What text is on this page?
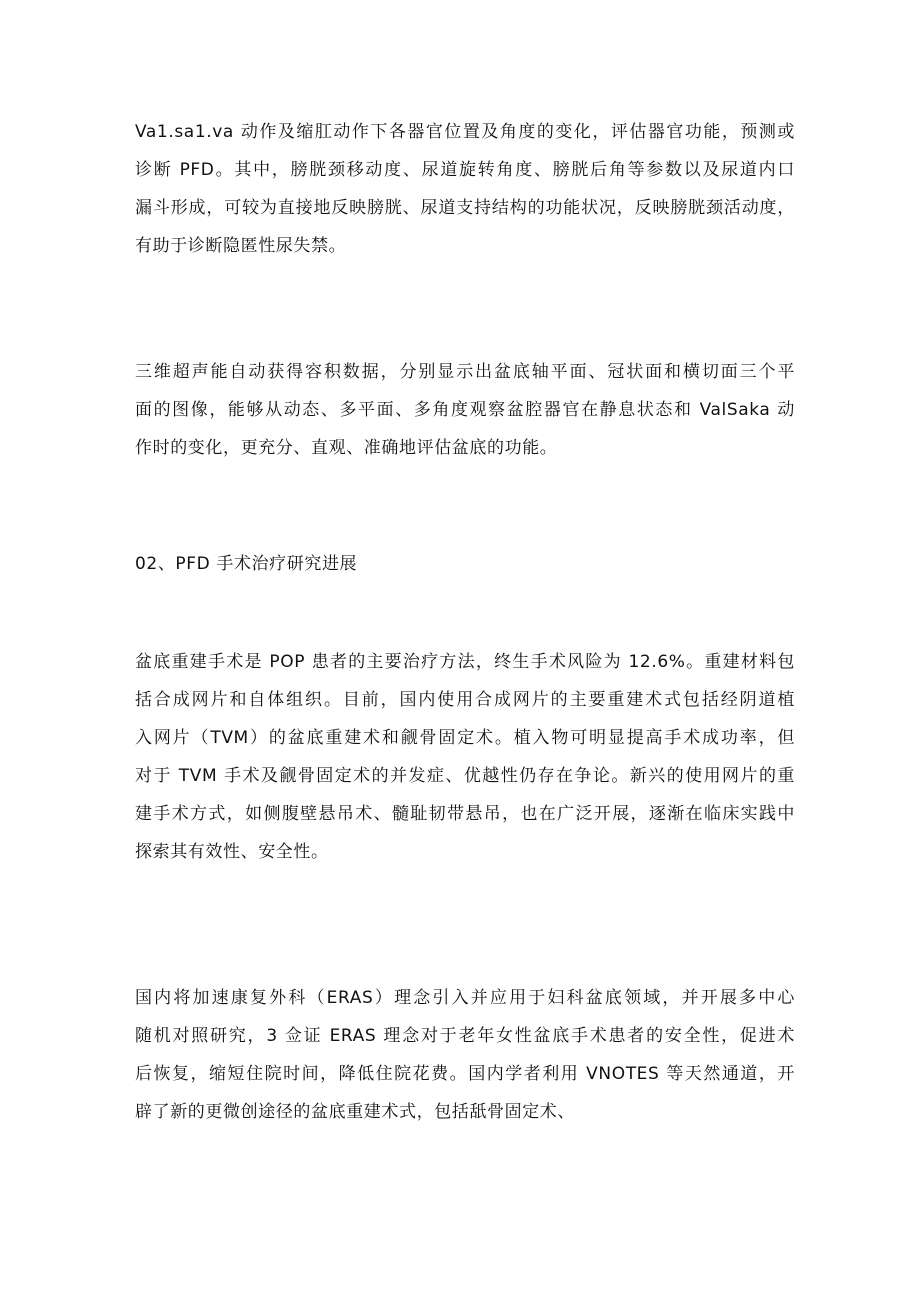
Va1.sa1.va 动作及缩肛动作下各器官位置及角度的变化，评估器官功能，预测或
诊断 PFD。其中，膀胱颈移动度、尿道旋转角度、膀胱后角等参数以及尿道内口
漏斗形成，可较为直接地反映膀胱、尿道支持结构的功能状况，反映膀胱颈活动度，
有助于诊断隐匿性尿失禁。
三维超声能自动获得容积数据，分别显示出盆底轴平面、冠状面和横切面三个平
面的图像，能够从动态、多平面、多角度观察盆腔器官在静息状态和 ValSaka 动
作时的变化，更充分、直观、准确地评估盆底的功能。
02、PFD 手术治疗研究进展
盆底重建手术是 POP 患者的主要治疗方法，终生手术风险为 12.6%。重建材料包
括合成网片和自体组织。目前，国内使用合成网片的主要重建术式包括经阴道植
入网片（TVM）的盆底重建术和觎骨固定术。植入物可明显提高手术成功率，但
对于 TVM 手术及觎骨固定术的并发症、优越性仍存在争论。新兴的使用网片的重
建手术方式，如侧腹壁悬吊术、髓耻韧带悬吊，也在广泛开展，逐渐在临床实践中
探索其有效性、安全性。
国内将加速康复外科（ERAS）理念引入并应用于妇科盆底领域，并开展多中心
随机对照研究，3 佥证 ERAS 理念对于老年女性盆底手术患者的安全性，促进术
后恢复，缩短住院时间，降低住院花费。国内学者利用 VNOTES 等天然通道，开
辟了新的更微创途径的盆底重建术式，包括舐骨固定术、
